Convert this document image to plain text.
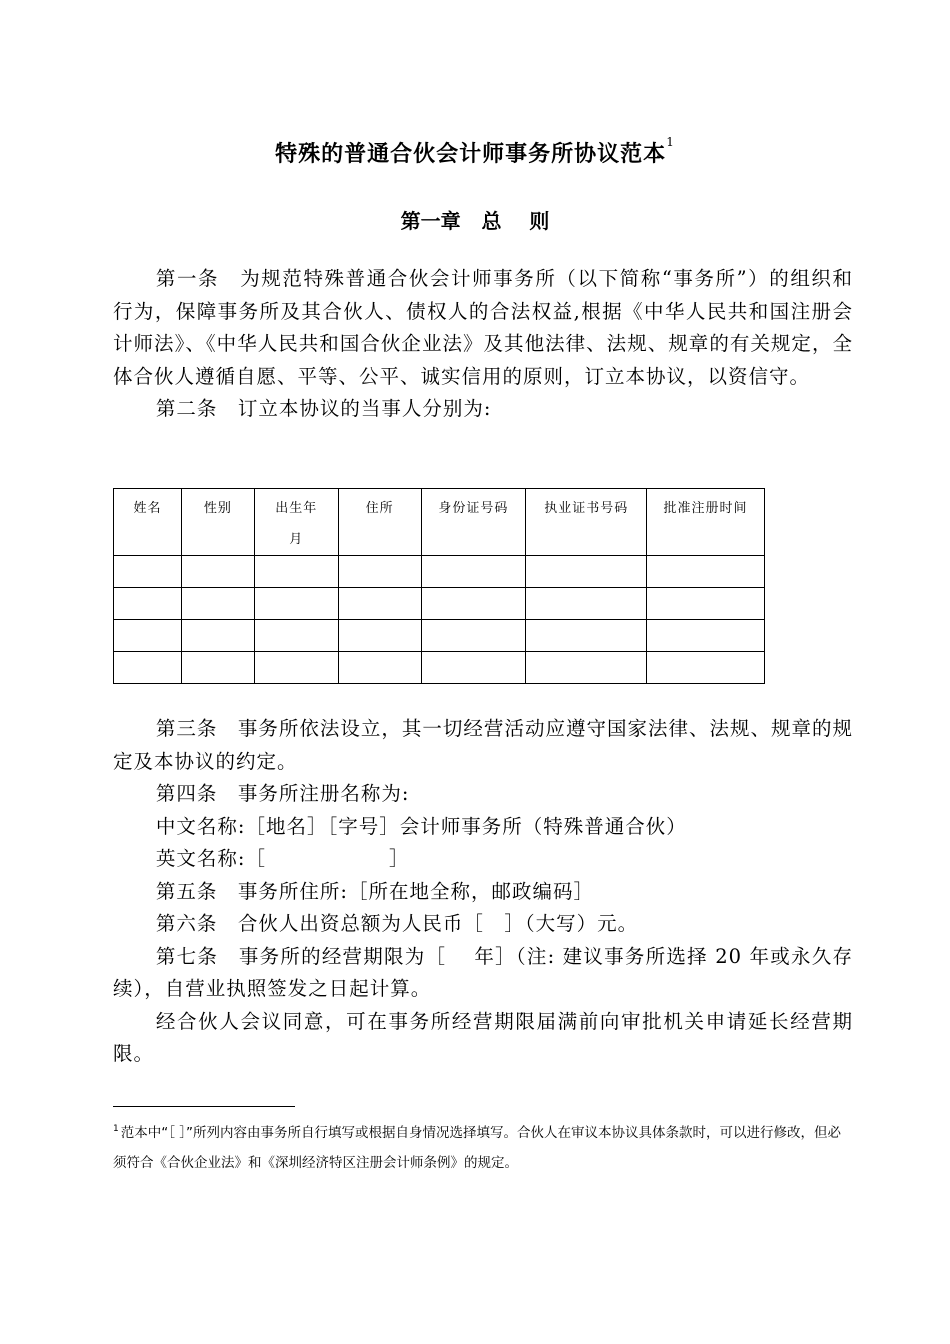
特殊的普通合伙会计师事务所协议范本$^1$
第一章   总    则

第一条　为规范特殊普通合伙会计师事务所（以下简称“事务所”）的组织和行为，保障事务所及其合伙人、债权人的合法权益,根据《中华人民共和国注册会计师法》、《中华人民共和国合伙企业法》及其他法律、法规、规章的有关规定，全体合伙人遵循自愿、平等、公平、诚实信用的原则，订立本协议，以资信守。

第二条　订立本协议的当事人分别为:

姓名	性别	出生年月	住所	身份证号码	执业证书号码	批准注册时间

第三条　事务所依法设立，其一切经营活动应遵守国家法律、法规、规章的规定及本协议的约定。

第四条　事务所注册名称为:

中文名称:［地名］［字号］会计师事务所（特殊普通合伙）

英文名称:［　　　　　　］

第五条　事务所住所:［所在地全称，邮政编码］

第六条　合伙人出资总额为人民币［　］（大写）元。

第七条　事务所的经营期限为［　 年］（注: 建议事务所选择 20 年或永久存续），自营业执照签发之日起计算。

经合伙人会议同意，可在事务所经营期限届满前向审批机关申请延长经营期限。

$^1$ 范本中“［ ］”所列内容由事务所自行填写或根据自身情况选择填写。合伙人在审议本协议具体条款时，可以进行修改，但必须符合《合伙企业法》和《深圳经济特区注册会计师条例》的规定。
